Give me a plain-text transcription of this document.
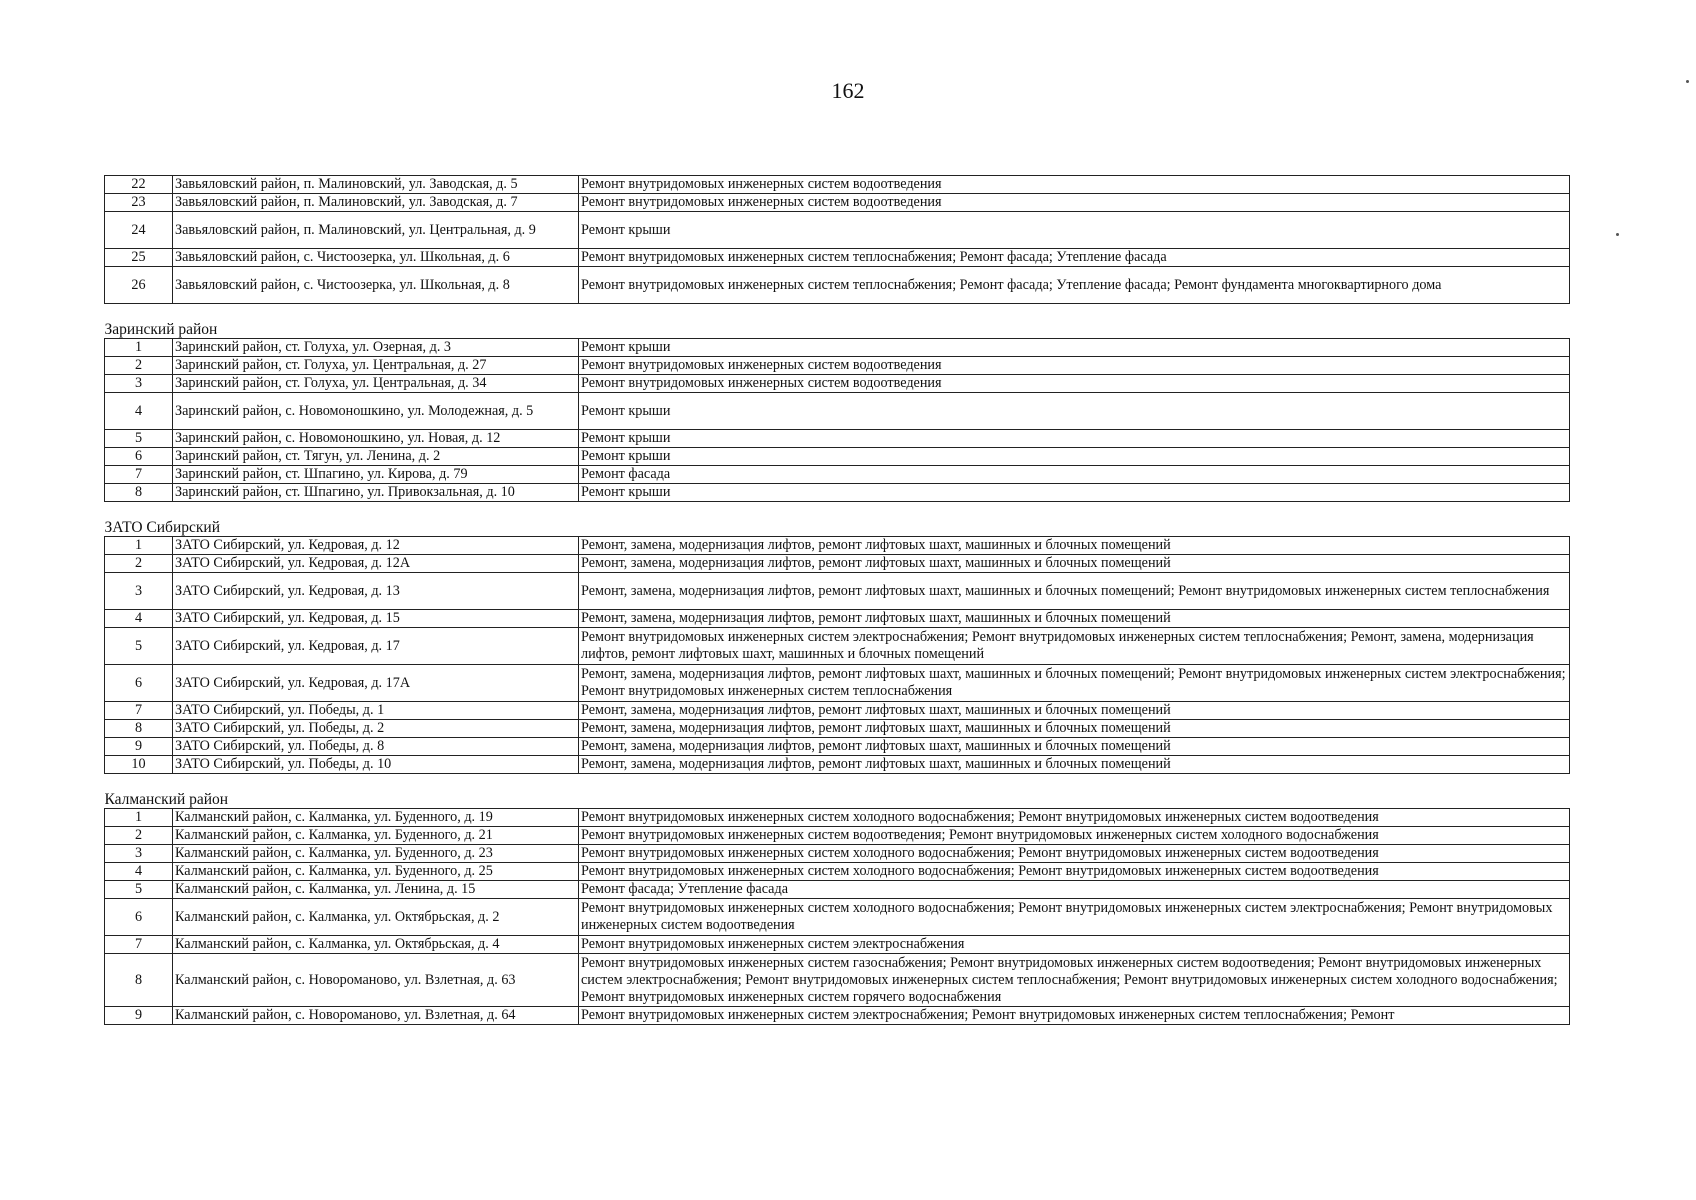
162
22	Завьяловский район, п. Малиновский, ул. Заводская, д. 5	Ремонт внутридомовых инженерных систем водоотведения
23	Завьяловский район, п. Малиновский, ул. Заводская, д. 7	Ремонт внутридомовых инженерных систем водоотведения
24	Завьяловский район, п. Малиновский, ул. Центральная, д. 9	Ремонт крыши
25	Завьяловский район, с. Чистоозерка, ул. Школьная, д. 6	Ремонт внутридомовых инженерных систем теплоснабжения; Ремонт фасада; Утепление фасада
26	Завьяловский район, с. Чистоозерка, ул. Школьная, д. 8	Ремонт внутридомовых инженерных систем теплоснабжения; Ремонт фасада; Утепление фасада; Ремонт фундамента многоквартирного дома
Заринский район		
1	Заринский район, ст. Голуха, ул. Озерная, д. 3	Ремонт крыши
2	Заринский район, ст. Голуха, ул. Центральная, д. 27	Ремонт внутридомовых инженерных систем водоотведения
3	Заринский район, ст. Голуха, ул. Центральная, д. 34	Ремонт внутридомовых инженерных систем водоотведения
4	Заринский район, с. Новомоношкино, ул. Молодежная, д. 5	Ремонт крыши
5	Заринский район, с. Новомоношкино, ул. Новая, д. 12	Ремонт крыши
6	Заринский район, ст. Тягун, ул. Ленина, д. 2	Ремонт крыши
7	Заринский район, ст. Шпагино, ул. Кирова, д. 79	Ремонт фасада
8	Заринский район, ст. Шпагино, ул. Привокзальная, д. 10	Ремонт крыши
ЗАТО Сибирский		
1	ЗАТО Сибирский, ул. Кедровая, д. 12	Ремонт, замена, модернизация лифтов, ремонт лифтовых шахт, машинных и блочных помещений
2	ЗАТО Сибирский, ул. Кедровая, д. 12А	Ремонт, замена, модернизация лифтов, ремонт лифтовых шахт, машинных и блочных помещений
3	ЗАТО Сибирский, ул. Кедровая, д. 13	Ремонт, замена, модернизация лифтов, ремонт лифтовых шахт, машинных и блочных помещений; Ремонт внутридомовых инженерных систем теплоснабжения
4	ЗАТО Сибирский, ул. Кедровая, д. 15	Ремонт, замена, модернизация лифтов, ремонт лифтовых шахт, машинных и блочных помещений
5	ЗАТО Сибирский, ул. Кедровая, д. 17	Ремонт внутридомовых инженерных систем электроснабжения; Ремонт внутридомовых инженерных систем теплоснабжения; Ремонт, замена, модернизация лифтов, ремонт лифтовых шахт, машинных и блочных помещений
6	ЗАТО Сибирский, ул. Кедровая, д. 17А	Ремонт, замена, модернизация лифтов, ремонт лифтовых шахт, машинных и блочных помещений; Ремонт внутридомовых инженерных систем электроснабжения; Ремонт внутридомовых инженерных систем теплоснабжения
7	ЗАТО Сибирский, ул. Победы, д. 1	Ремонт, замена, модернизация лифтов, ремонт лифтовых шахт, машинных и блочных помещений
8	ЗАТО Сибирский, ул. Победы, д. 2	Ремонт, замена, модернизация лифтов, ремонт лифтовых шахт, машинных и блочных помещений
9	ЗАТО Сибирский, ул. Победы, д. 8	Ремонт, замена, модернизация лифтов, ремонт лифтовых шахт, машинных и блочных помещений
10	ЗАТО Сибирский, ул. Победы, д. 10	Ремонт, замена, модернизация лифтов, ремонт лифтовых шахт, машинных и блочных помещений
Калманский район		
1	Калманский район, с. Калманка, ул. Буденного, д. 19	Ремонт внутридомовых инженерных систем холодного водоснабжения; Ремонт внутридомовых инженерных систем водоотведения
2	Калманский район, с. Калманка, ул. Буденного, д. 21	Ремонт внутридомовых инженерных систем водоотведения; Ремонт внутридомовых инженерных систем холодного водоснабжения
3	Калманский район, с. Калманка, ул. Буденного, д. 23	Ремонт внутридомовых инженерных систем холодного водоснабжения; Ремонт внутридомовых инженерных систем водоотведения
4	Калманский район, с. Калманка, ул. Буденного, д. 25	Ремонт внутридомовых инженерных систем холодного водоснабжения; Ремонт внутридомовых инженерных систем водоотведения
5	Калманский район, с. Калманка, ул. Ленина, д. 15	Ремонт фасада; Утепление фасада
6	Калманский район, с. Калманка, ул. Октябрьская, д. 2	Ремонт внутридомовых инженерных систем холодного водоснабжения; Ремонт внутридомовых инженерных систем электроснабжения; Ремонт внутридомовых инженерных систем водоотведения
7	Калманский район, с. Калманка, ул. Октябрьская, д. 4	Ремонт внутридомовых инженерных систем электроснабжения
8	Калманский район, с. Новороманово, ул. Взлетная, д. 63	Ремонт внутридомовых инженерных систем газоснабжения; Ремонт внутридомовых инженерных систем водоотведения; Ремонт внутридомовых инженерных систем электроснабжения; Ремонт внутридомовых инженерных систем теплоснабжения; Ремонт внутридомовых инженерных систем холодного водоснабжения; Ремонт внутридомовых инженерных систем горячего водоснабжения
9	Калманский район, с. Новороманово, ул. Взлетная, д. 64	Ремонт внутридомовых инженерных систем электроснабжения; Ремонт внутридомовых инженерных систем теплоснабжения; Ремонт
